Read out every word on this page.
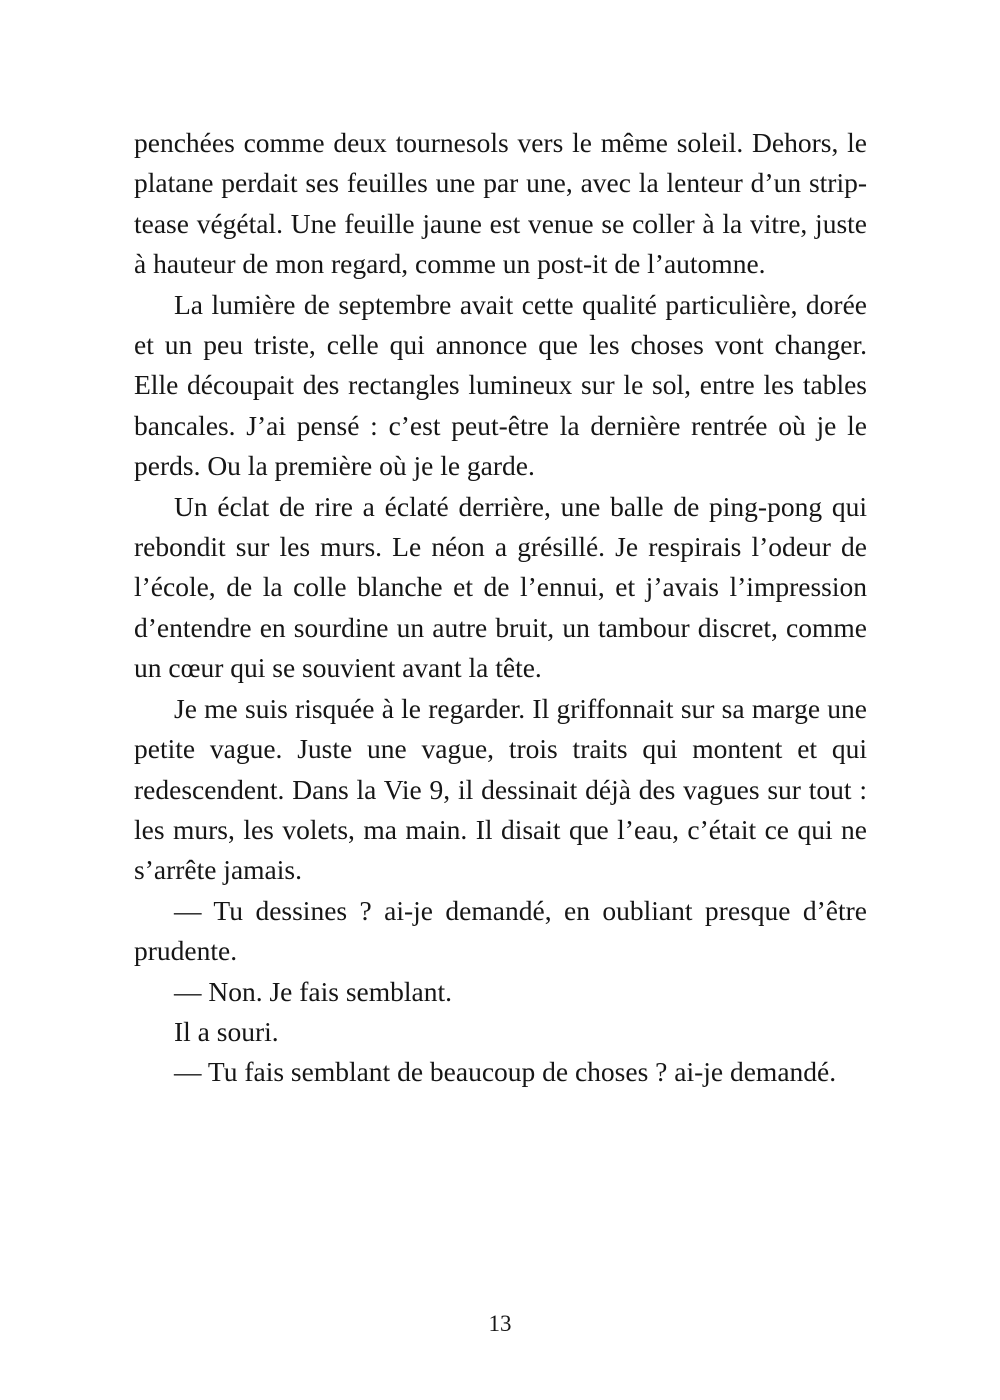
penchées comme deux tournesols vers le même soleil. Dehors, le platane perdait ses feuilles une par une, avec la lenteur d’un strip-tease végétal. Une feuille jaune est venue se coller à la vitre, juste à hauteur de mon regard, comme un post-it de l’automne.

La lumière de septembre avait cette qualité particulière, dorée et un peu triste, celle qui annonce que les choses vont changer. Elle découpait des rectangles lumineux sur le sol, entre les tables bancales. J’ai pensé : c’est peut-être la dernière rentrée où je le perds. Ou la première où je le garde.

Un éclat de rire a éclaté derrière, une balle de ping-pong qui rebondit sur les murs. Le néon a grésillé. Je respirais l’odeur de l’école, de la colle blanche et de l’ennui, et j’avais l’impression d’entendre en sourdine un autre bruit, un tambour discret, comme un cœur qui se souvient avant la tête.

Je me suis risquée à le regarder. Il griffonnait sur sa marge une petite vague. Juste une vague, trois traits qui montent et qui redescendent. Dans la Vie 9, il dessinait déjà des vagues sur tout : les murs, les volets, ma main. Il disait que l’eau, c’était ce qui ne s’arrête jamais.

— Tu dessines ? ai-je demandé, en oubliant presque d’être prudente.

— Non. Je fais semblant.

Il a souri.

— Tu fais semblant de beaucoup de choses ? ai-je demandé.

13
